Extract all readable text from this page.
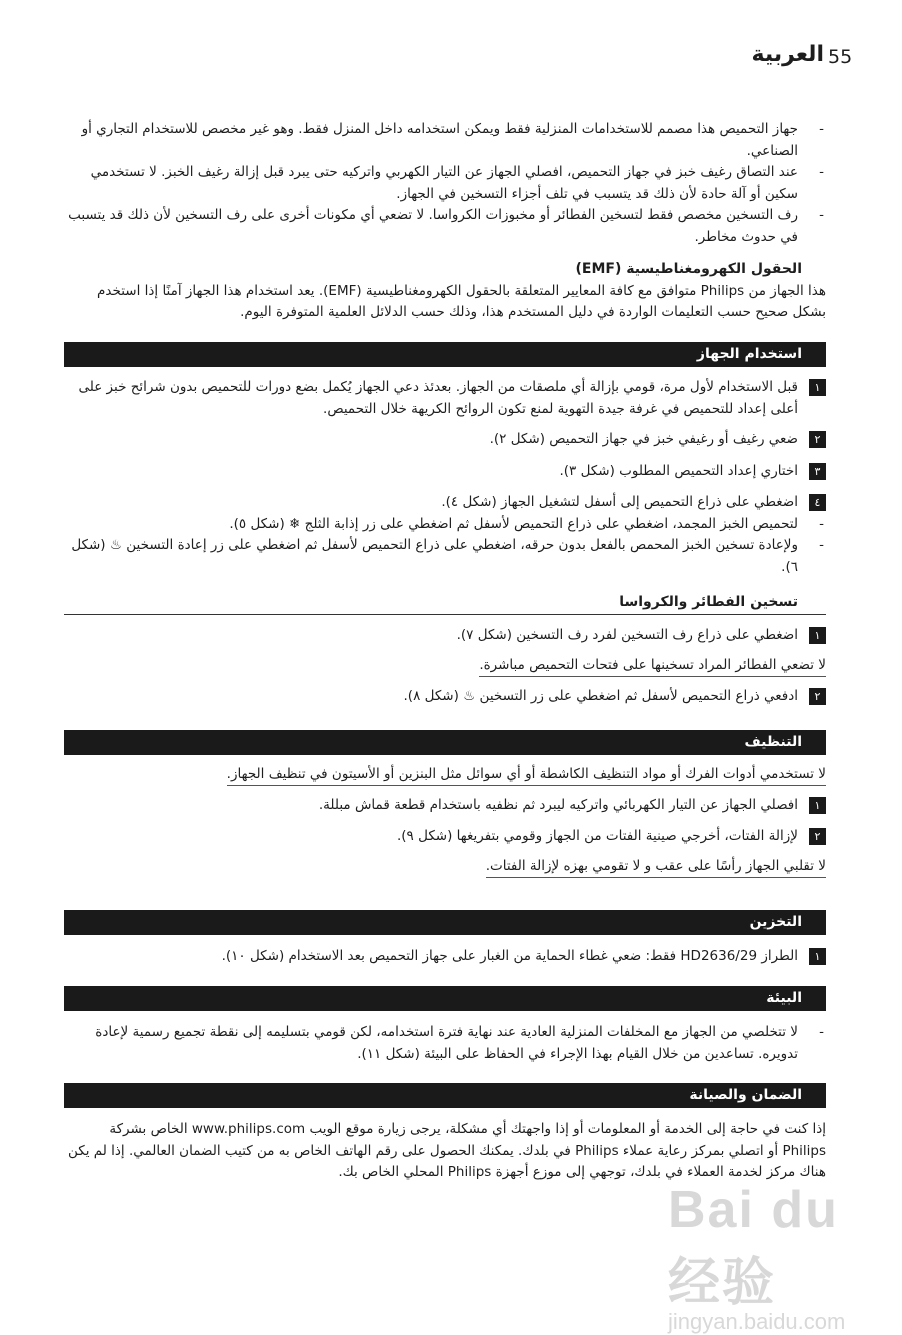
55
العربية
-
جهاز التحميص هذا مصمم للاستخدامات المنزلية فقط ويمكن استخدامه داخل المنزل فقط. وهو غير مخصص للاستخدام التجاري أو الصناعي.
-
عند التصاق رغيف خبز في جهاز التحميص، افصلي الجهاز عن التيار الكهربي واتركيه حتى يبرد قبل إزالة رغيف الخبز. لا تستخدمي سكين أو آلة حادة لأن ذلك قد يتسبب في تلف أجزاء التسخين في الجهاز.
-
رف التسخين مخصص فقط لتسخين الفطائر أو مخبوزات الكرواسا. لا تضعي أي مكونات أخرى على رف التسخين لأن ذلك قد يتسبب في حدوث مخاطر.
الحقول الكهرومغناطيسية (EMF)
هذا الجهاز من Philips متوافق مع كافة المعايير المتعلقة بالحقول الكهرومغناطيسية (EMF). يعد استخدام هذا الجهاز آمنًا إذا استخدم بشكل صحيح حسب التعليمات الواردة في دليل المستخدم هذا، وذلك حسب الدلائل العلمية المتوفرة اليوم.
استخدام الجهاز
١
قبل الاستخدام لأول مرة، قومي بإزالة أي ملصقات من الجهاز. بعدئذ دعي الجهاز يُكمل بضع دورات للتحميص بدون شرائح خبز على أعلى إعداد للتحميص في غرفة جيدة التهوية لمنع تكون الروائح الكريهة خلال التحميص.
٢
ضعي رغيف أو رغيفي خبز في جهاز التحميص (شكل ٢).
٣
اختاري إعداد التحميص المطلوب (شكل ٣).
٤
اضغطي على ذراع التحميص إلى أسفل لتشغيل الجهاز (شكل ٤).
-
لتحميص الخبز المجمد، اضغطي على ذراع التحميص لأسفل ثم اضغطي على زر إذابة الثلج ❄ (شكل ٥).
-
ولإعادة تسخين الخبز المحمص بالفعل بدون حرقه، اضغطي على ذراع التحميص لأسفل ثم اضغطي على زر إعادة التسخين ♨ (شكل ٦).
تسخين الفطائر والكرواسا
١
اضغطي على ذراع رف التسخين لفرد رف التسخين (شكل ٧).
لا تضعي الفطائر المراد تسخينها على فتحات التحميص مباشرة.
٢
ادفعي ذراع التحميص لأسفل ثم اضغطي على زر التسخين ♨ (شكل ٨).
التنظيف
لا تستخدمي أدوات الفرك أو مواد التنظيف الكاشطة أو أي سوائل مثل البنزين أو الأسيتون في تنظيف الجهاز.
١
افصلي الجهاز عن التيار الكهربائي واتركيه ليبرد ثم نظفيه باستخدام قطعة قماش مبللة.
٢
لإزالة الفتات، أخرجي صينية الفتات من الجهاز وقومي بتفريغها (شكل ٩).
لا تقلبي الجهاز رأسًا على عقب و لا تقومي بهزه لإزالة الفتات.
التخزين
١
الطراز HD2636/29 فقط: ضعي غطاء الحماية من الغبار على جهاز التحميص بعد الاستخدام (شكل ١٠).
البيئة
-
لا تتخلصي من الجهاز مع المخلفات المنزلية العادية عند نهاية فترة استخدامه، لكن قومي بتسليمه إلى نقطة تجميع رسمية لإعادة تدويره. تساعدين من خلال القيام بهذا الإجراء في الحفاظ على البيئة (شكل ١١).
الضمان والصيانة
إذا كنت في حاجة إلى الخدمة أو المعلومات أو إذا واجهتك أي مشكلة، يرجى زيارة موقع الويب www.philips.com الخاص بشركة Philips أو اتصلي بمركز رعاية عملاء Philips في بلدك. يمكنك الحصول على رقم الهاتف الخاص به من كتيب الضمان العالمي. إذا لم يكن هناك مركز لخدمة العملاء في بلدك، توجهي إلى موزع أجهزة Philips المحلي الخاص بك.
Bai du 经验
jingyan.baidu.com
